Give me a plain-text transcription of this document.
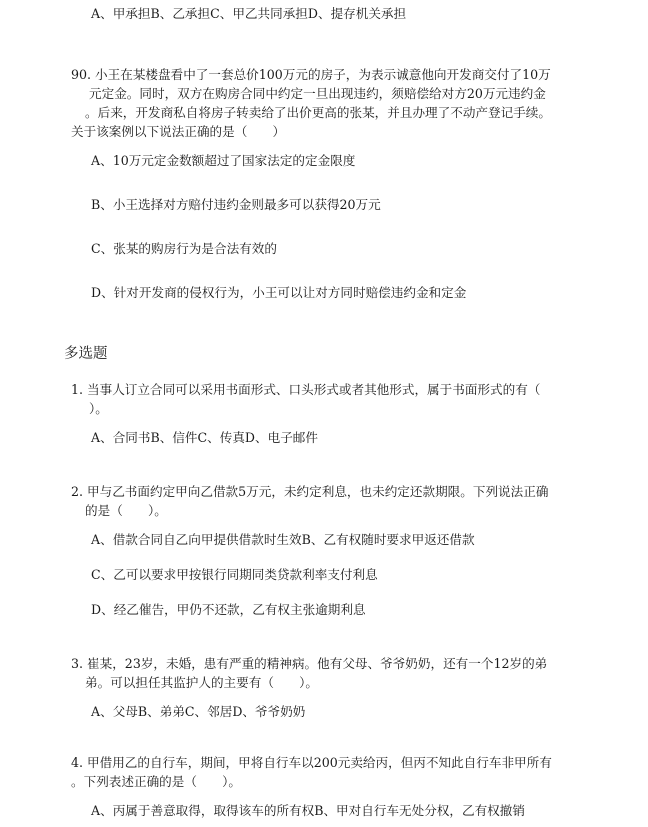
A、甲承担B、乙承担C、甲乙共同承担D、提存机关承担
90. 小王在某楼盘看中了一套总价100万元的房子，为表示诚意他向开发商交付了10万
元定金。同时，双方在购房合同中约定一旦出现违约，须赔偿给对方20万元违约金
。后来，开发商私自将房子转卖给了出价更高的张某，并且办理了不动产登记手续。
关于该案例以下说法正确的是（　　）
A、10万元定金数额超过了国家法定的定金限度
B、小王选择对方赔付违约金则最多可以获得20万元
C、张某的购房行为是合法有效的
D、针对开发商的侵权行为，小王可以让对方同时赔偿违约金和定金
多选题
1. 当事人订立合同可以采用书面形式、口头形式或者其他形式，属于书面形式的有（
）。
A、合同书B、信件C、传真D、电子邮件
2. 甲与乙书面约定甲向乙借款5万元，未约定利息，也未约定还款期限。下列说法正确
的是（　　）。
A、借款合同自乙向甲提供借款时生效B、乙有权随时要求甲返还借款
C、乙可以要求甲按银行同期同类贷款利率支付利息
D、经乙催告，甲仍不还款，乙有权主张逾期利息
3. 崔某，23岁，未婚，患有严重的精神病。他有父母、爷爷奶奶，还有一个12岁的弟
弟。可以担任其监护人的主要有（　　）。
A、父母B、弟弟C、邻居D、爷爷奶奶
4. 甲借用乙的自行车，期间，甲将自行车以200元卖给丙，但丙不知此自行车非甲所有
。下列表述正确的是（　　）。
A、丙属于善意取得，取得该车的所有权B、甲对自行车无处分权，乙有权撤销
